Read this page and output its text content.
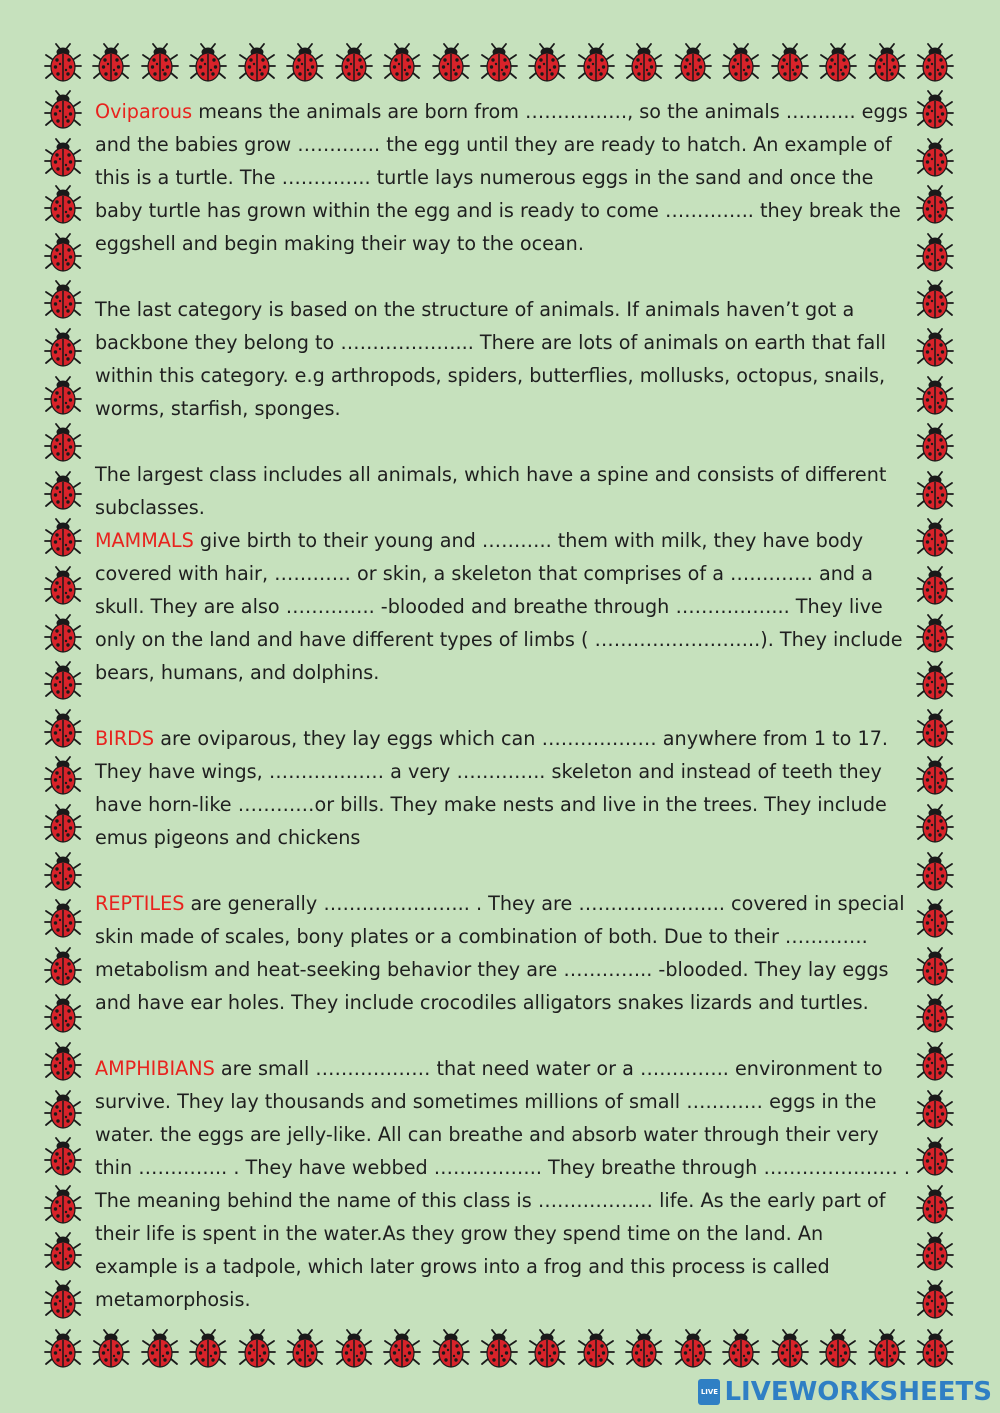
Oviparous means the animals are born from ……………., so the animals ……….. eggs and the babies grow …………. the egg until they are ready to hatch. An example of this is a turtle. The ………….. turtle lays numerous eggs in the sand and once the baby turtle has grown within the egg and is ready to come ………….. they break the eggshell and begin making their way to the ocean.

The last category is based on the structure of animals. If animals haven’t got a backbone they belong to ………………... There are lots of animals on earth that fall within this category. e.g arthropods, spiders, butterflies, mollusks, octopus, snails, worms, starfish, sponges.

The largest class includes all animals, which have a spine and consists of different subclasses.

MAMMALS give birth to their young and ……….. them with milk, they have body covered with hair, ………… or skin, a skeleton that comprises of a …………. and a skull. They are also ………….. -blooded and breathe through ……………... They live only on the land and have different types of limbs ( ……………………..). They include bears, humans, and dolphins.

BIRDS are oviparous, they lay eggs which can ……………… anywhere from 1 to 17. They have wings, ……………… a very ………….. skeleton and instead of teeth they have horn-like …………or bills. They make nests and live in the trees. They include emus pigeons and chickens

REPTILES are generally ………………….. . They are ………………….. covered in special skin made of scales, bony plates or a combination of both. Due to their …………. metabolism and heat-seeking behavior they are ………….. -blooded. They lay eggs and have ear holes. They include crocodiles alligators snakes lizards and turtles.

AMPHIBIANS are small ……………… that need water or a ………….. environment to survive. They lay thousands and sometimes millions of small ………… eggs in the water. the eggs are jelly-like. All can breathe and absorb water through their very thin ………….. . They have webbed …………….. They breathe through ………………… . The meaning behind the name of this class is ……………… life. As the early part of their life is spent in the water.As they grow they spend time on the land. An example is a tadpole, which later grows into a frog and this process is called metamorphosis.

LIVE LIVEWORKSHEETS
